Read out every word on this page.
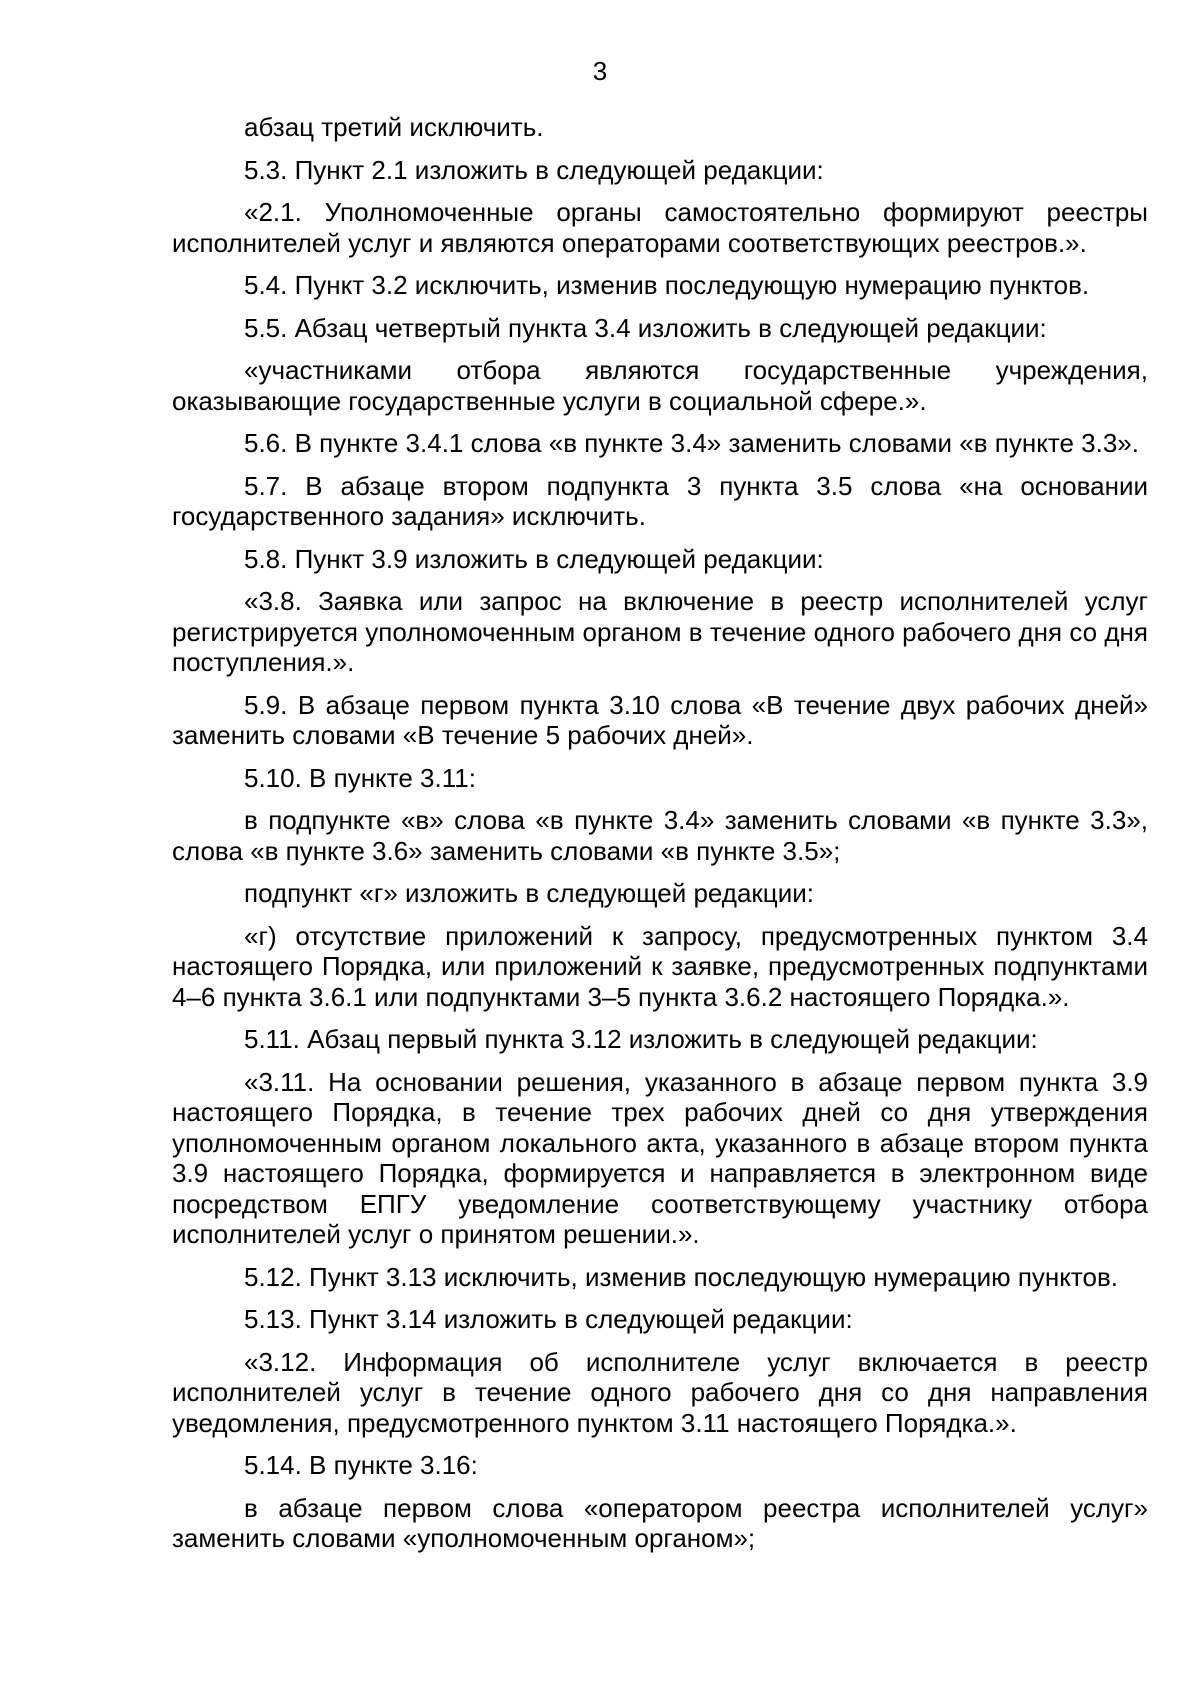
3

абзац третий исключить.

5.3. Пункт 2.1 изложить в следующей редакции:

«2.1. Уполномоченные органы самостоятельно формируют реестры исполнителей услуг и являются операторами соответствующих реестров.».

5.4. Пункт 3.2 исключить, изменив последующую нумерацию пунктов.

5.5. Абзац четвертый пункта 3.4 изложить в следующей редакции:

«участниками отбора являются государственные учреждения, оказывающие государственные услуги в социальной сфере.».

5.6. В пункте 3.4.1 слова «в пункте 3.4» заменить словами «в пункте 3.3».

5.7. В абзаце втором подпункта 3 пункта 3.5 слова «на основании государственного задания» исключить.

5.8. Пункт 3.9 изложить в следующей редакции:

«3.8. Заявка или запрос на включение в реестр исполнителей услуг регистрируется уполномоченным органом в течение одного рабочего дня со дня поступления.».

5.9. В абзаце первом пункта 3.10 слова «В течение двух рабочих дней» заменить словами «В течение 5 рабочих дней».

5.10. В пункте 3.11:

в подпункте «в» слова «в пункте 3.4» заменить словами «в пункте 3.3», слова «в пункте 3.6» заменить словами «в пункте 3.5»;

подпункт «г» изложить в следующей редакции:

«г) отсутствие приложений к запросу, предусмотренных пунктом 3.4 настоящего Порядка, или приложений к заявке, предусмотренных подпунктами 4–6 пункта 3.6.1 или подпунктами 3–5 пункта 3.6.2 настоящего Порядка.».

5.11. Абзац первый пункта 3.12 изложить в следующей редакции:

«3.11. На основании решения, указанного в абзаце первом пункта 3.9 настоящего Порядка, в течение трех рабочих дней со дня утверждения уполномоченным органом локального акта, указанного в абзаце втором пункта 3.9 настоящего Порядка, формируется и направляется в электронном виде посредством ЕПГУ уведомление соответствующему участнику отбора исполнителей услуг о принятом решении.».

5.12. Пункт 3.13 исключить, изменив последующую нумерацию пунктов.

5.13. Пункт 3.14 изложить в следующей редакции:

«3.12. Информация об исполнителе услуг включается в реестр исполнителей услуг в течение одного рабочего дня со дня направления уведомления, предусмотренного пунктом 3.11 настоящего Порядка.».

5.14. В пункте 3.16:

в абзаце первом слова «оператором реестра исполнителей услуг» заменить словами «уполномоченным органом»;
